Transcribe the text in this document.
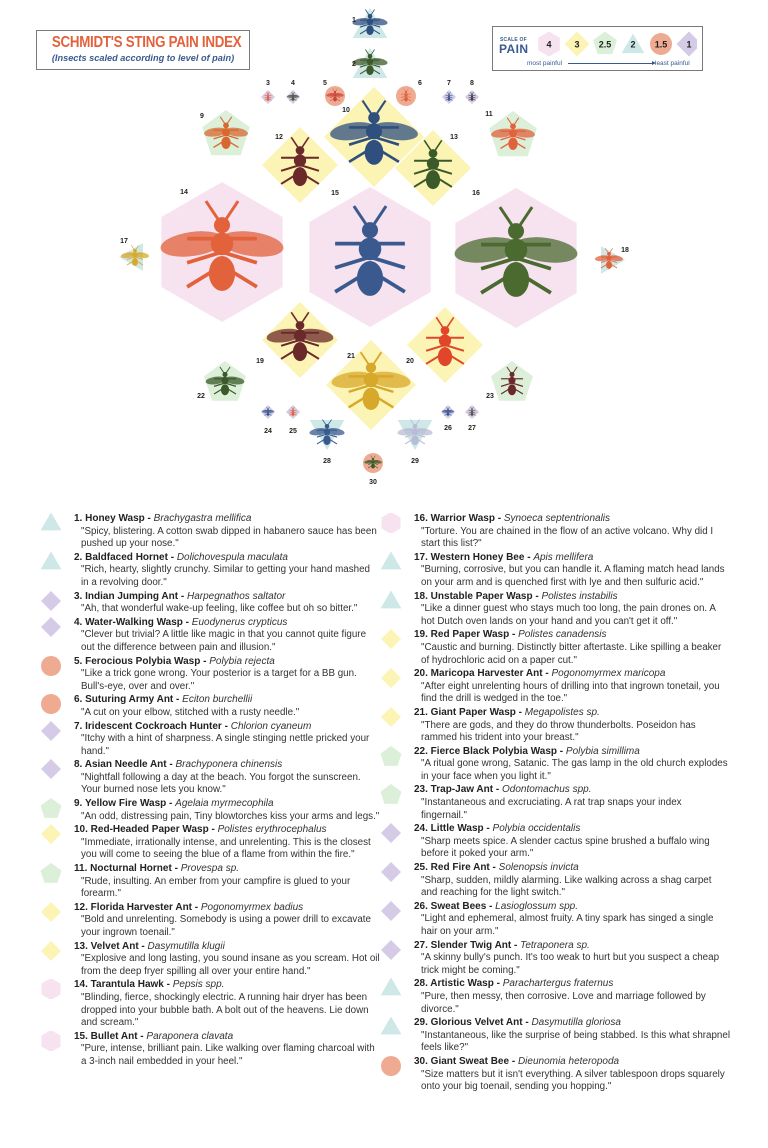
SCHMIDT'S STING PAIN INDEX
(Insects scaled according to level of pain)
SCALE OF
PAIN 4	3 2.5 2 1.5 1
most painful	least painful
14	15	16
10
21
12	13
19	20
9	11
22	23
1
2
28	29
17
18
5	6
30
3	4	7	8
24 25	26 27
1. Honey Wasp - Brachygastra mellifica
"Spicy, blistering. A cotton swab dipped in habanero sauce has been pushed up your nose."
2. Baldfaced Hornet - Dolichovespula maculata
"Rich, hearty, slightly crunchy. Similar to getting your hand mashed in a revolving door."
3. Indian Jumping Ant - Harpegnathos saltator
"Ah, that wonderful wake-up feeling, like coffee but oh so bitter."
4. Water-Walking Wasp - Euodynerus crypticus
"Clever but trivial? A little like magic in that you cannot quite figure out the difference between pain and illusion."
5. Ferocious Polybia Wasp - Polybia rejecta
"Like a trick gone wrong. Your posterior is a target for a BB gun. Bull's-eye, over and over."
6. Suturing Army Ant - Eciton burchellii
"A cut on your elbow, stitched with a rusty needle."
7. Iridescent Cockroach Hunter - Chlorion cyaneum
"Itchy with a hint of sharpness. A single stinging nettle pricked your hand."
8. Asian Needle Ant - Brachyponera chinensis
"Nightfall following a day at the beach. You forgot the sunscreen. Your burned nose lets you know."
9. Yellow Fire Wasp - Agelaia myrmecophila
"An odd, distressing pain, Tiny blowtorches kiss your arms and legs."
10. Red-Headed Paper Wasp - Polistes erythrocephalus
"Immediate, irrationally intense, and unrelenting. This is the closest you will come to seeing the blue of a flame from within the fire."
11. Nocturnal Hornet - Provespa sp.
"Rude, insulting. An ember from your campfire is glued to your forearm."
12. Florida Harvester Ant - Pogonomyrmex badius
"Bold and unrelenting. Somebody is using a power drill to excavate your ingrown toenail."
13. Velvet Ant - Dasymutilla klugii
"Explosive and long lasting, you sound insane as you scream. Hot oil from the deep fryer spilling all over your entire hand."
14. Tarantula Hawk - Pepsis spp.
"Blinding, fierce, shockingly electric. A running hair dryer has been dropped into your bubble bath. A bolt out of the heavens. Lie down and scream."
15. Bullet Ant - Paraponera clavata
"Pure, intense, brilliant pain. Like walking over flaming charcoal with a 3-inch nail embedded in your heel."
16. Warrior Wasp - Synoeca septentrionalis
"Torture. You are chained in the flow of an active volcano. Why did I start this list?"
17. Western Honey Bee - Apis mellifera
"Burning, corrosive, but you can handle it. A flaming match head lands on your arm and is quenched first with lye and then sulfuric acid."
18. Unstable Paper Wasp - Polistes instabilis
"Like a dinner guest who stays much too long, the pain drones on. A hot Dutch oven lands on your hand and you can't get it off."
19. Red Paper Wasp - Polistes canadensis
"Caustic and burning. Distinctly bitter aftertaste. Like spilling a beaker of hydrochloric acid on a paper cut."
20. Maricopa Harvester Ant - Pogonomyrmex maricopa
"After eight unrelenting hours of drilling into that ingrown tonetail, you find the drill is wedged in the toe."
21. Giant Paper Wasp - Megapolistes sp.
"There are gods, and they do throw thunderbolts. Poseidon has rammed his trident into your breast."
22. Fierce Black Polybia Wasp - Polybia simillima
"A ritual gone wrong, Satanic. The gas lamp in the old church explodes in your face when you light it."
23. Trap-Jaw Ant - Odontomachus spp.
"Instantaneous and excruciating. A rat trap snaps your index fingernail."
24. Little Wasp - Polybia occidentalis
"Sharp meets spice. A slender cactus spine brushed a buffalo wing before it poked your arm."
25. Red Fire Ant - Solenopsis invicta
"Sharp, sudden, mildly alarming. Like walking across a shag carpet and reaching for the light switch."
26. Sweat Bees - Lasioglossum spp.
"Light and ephemeral, almost fruity. A tiny spark has singed a single hair on your arm."
27. Slender Twig Ant - Tetraponera sp.
"A skinny bully's punch. It's too weak to hurt but you suspect a cheap trick might be coming."
28. Artistic Wasp - Parachartergus fraternus
"Pure, then messy, then corrosive. Love and marriage followed by divorce."
29. Glorious Velvet Ant - Dasymutilla gloriosa
"Instantaneous, like the surprise of being stabbed. Is this what shrapnel feels like?"
30. Giant Sweat Bee - Dieunomia heteropoda
"Size matters but it isn't everything. A silver tablespoon drops squarely onto your big toenail, sending you hopping."
